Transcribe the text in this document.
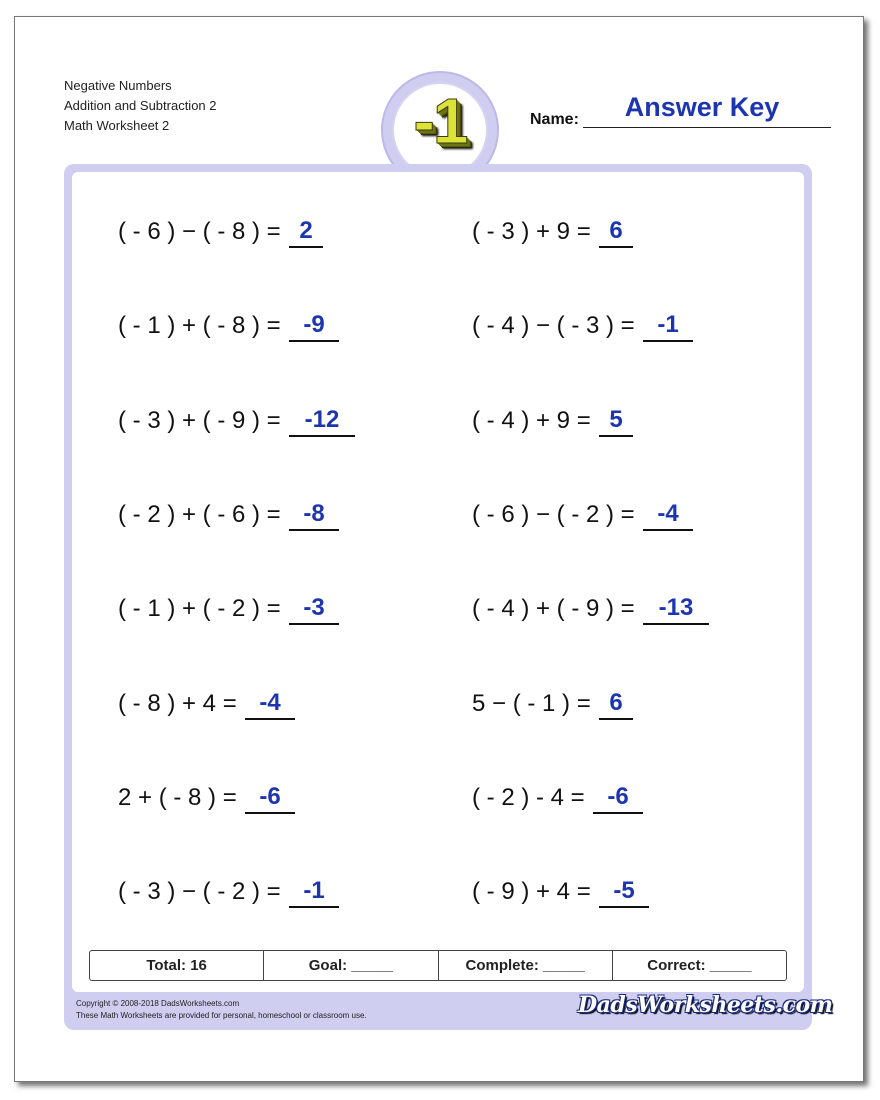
Negative Numbers
Addition and Subtraction 2
Math Worksheet 2	-1	Name:	Answer Key
( - 6 ) − ( - 8 ) = 2	( - 3 ) + 9 = 6
( - 1 ) + ( - 8 ) = -9	( - 4 ) − ( - 3 ) = -1
( - 3 ) + ( - 9 ) = -12	( - 4 ) + 9 = 5
( - 2 ) + ( - 6 ) = -8	( - 6 ) − ( - 2 ) = -4
( - 1 ) + ( - 2 ) = -3	( - 4 ) + ( - 9 ) = -13
( - 8 ) + 4 = -4	5 − ( - 1 ) = 6
2 + ( - 8 ) = -6	( - 2 ) - 4 = -6
( - 3 ) − ( - 2 ) = -1	( - 9 ) + 4 = -5
Total: 16	Goal: _____	Complete: _____	Correct: _____
Copyright © 2008-2018 DadsWorksheets.com
These Math Worksheets are provided for personal, homeschool or classroom use.	DadsWorksheets.com
